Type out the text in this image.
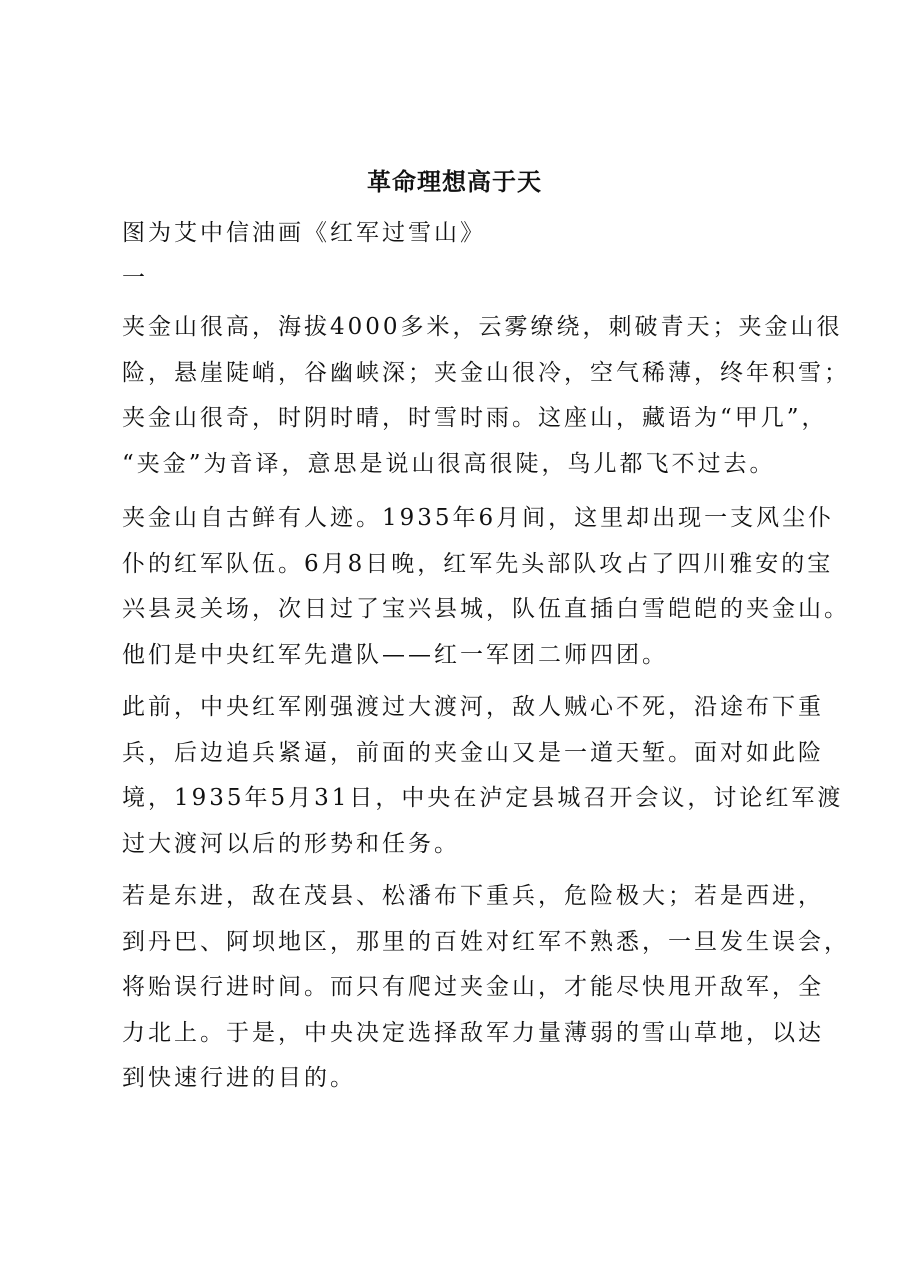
革命理想高于天
图为艾中信油画《红军过雪山》
一
夹金山很高，海拔4000多米，云雾缭绕，刺破青天；夹金山很
险，悬崖陡峭，谷幽峡深；夹金山很冷，空气稀薄，终年积雪；
夹金山很奇，时阴时晴，时雪时雨。这座山，藏语为“甲几”，
“夹金”为音译，意思是说山很高很陡，鸟儿都飞不过去。
夹金山自古鲜有人迹。1935年6月间，这里却出现一支风尘仆
仆的红军队伍。6月8日晚，红军先头部队攻占了四川雅安的宝
兴县灵关场，次日过了宝兴县城，队伍直插白雪皑皑的夹金山。
他们是中央红军先遣队——红一军团二师四团。
此前，中央红军刚强渡过大渡河，敌人贼心不死，沿途布下重
兵，后边追兵紧逼，前面的夹金山又是一道天堑。面对如此险
境，1935年5月31日，中央在泸定县城召开会议，讨论红军渡
过大渡河以后的形势和任务。
若是东进，敌在茂县、松潘布下重兵，危险极大；若是西进，
到丹巴、阿坝地区，那里的百姓对红军不熟悉，一旦发生误会，
将贻误行进时间。而只有爬过夹金山，才能尽快甩开敌军，全
力北上。于是，中央决定选择敌军力量薄弱的雪山草地，以达
到快速行进的目的。
